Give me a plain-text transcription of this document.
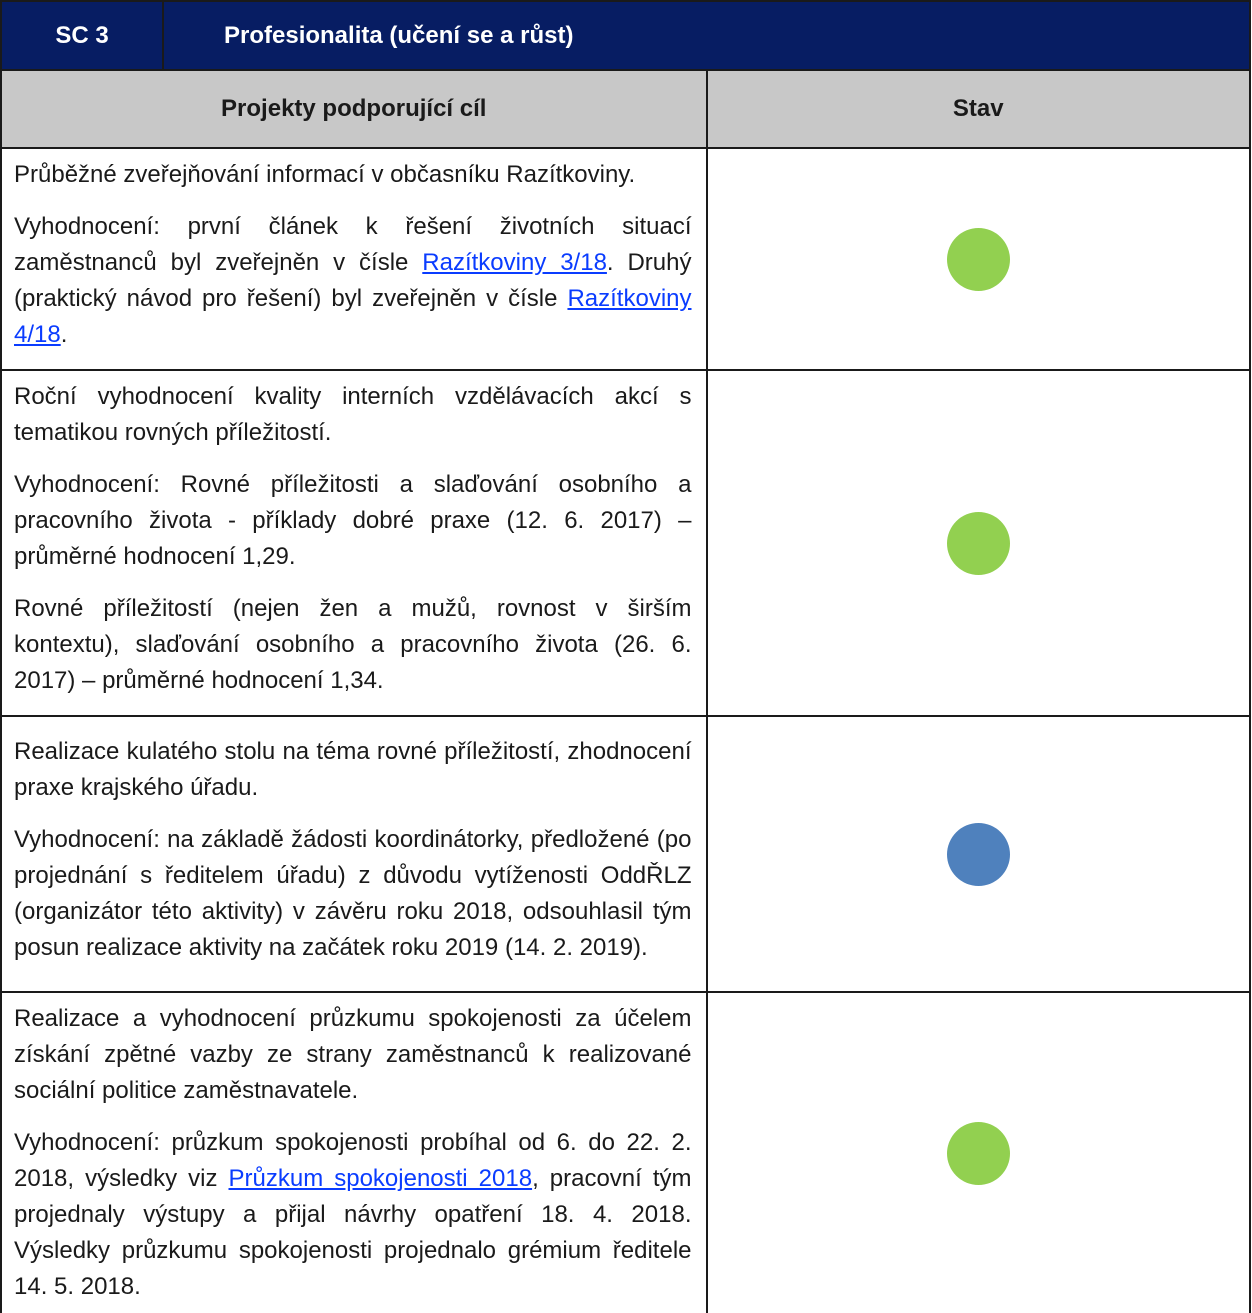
SC 3	Profesionalita (učení se a růst)	
Projekty podporující cíl		Stav

Průběžné zveřejňování informací v občasníku Razítkoviny.

Vyhodnocení: první článek k řešení životních situací zaměstnanců byl zveřejněn v čísle Razítkoviny 3/18. Druhý (praktický návod pro řešení) byl zveřejněn v čísle Razítkoviny 4/18.		

Roční vyhodnocení kvality interních vzdělávacích akcí s tematikou rovných příležitostí.

Vyhodnocení: Rovné příležitosti a slaďování osobního a pracovního života - příklady dobré praxe (12. 6. 2017) – průměrné hodnocení 1,29.

Rovné příležitostí (nejen žen a mužů, rovnost v širším kontextu), slaďování osobního a pracovního života (26. 6. 2017) – průměrné hodnocení 1,34.		

Realizace kulatého stolu na téma rovné příležitostí, zhodnocení praxe krajského úřadu.

Vyhodnocení: na základě žádosti koordinátorky, předložené (po projednání s ředitelem úřadu) z důvodu vytíženosti OddŘLZ (organizátor této aktivity) v závěru roku 2018, odsouhlasil tým posun realizace aktivity na začátek roku 2019 (14. 2. 2019).		

Realizace a vyhodnocení průzkumu spokojenosti za účelem získání zpětné vazby ze strany zaměstnanců k realizované sociální politice zaměstnavatele.

Vyhodnocení: průzkum spokojenosti probíhal od 6. do 22. 2. 2018, výsledky viz Průzkum spokojenosti 2018, pracovní tým projednaly výstupy a přijal návrhy opatření 18. 4. 2018. Výsledky průzkumu spokojenosti projednalo grémium ředitele 14. 5. 2018.		
